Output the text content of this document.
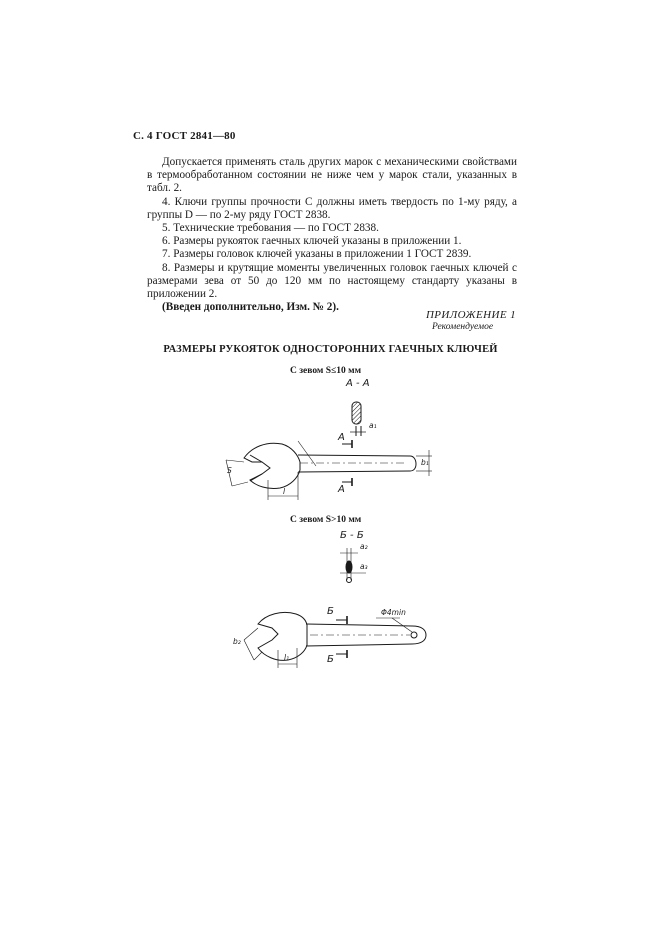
С. 4 ГОСТ 2841—80
Допускается применять сталь других марок с механическими свойствами в термообработанном состоянии не ниже чем у марок стали, указанных в табл. 2.
4. Ключи группы прочности С должны иметь твердость по 1-му ряду, а группы D — по 2-му ряду ГОСТ 2838.
5. Технические требования — по ГОСТ 2838.
6. Размеры рукояток гаечных ключей указаны в приложении 1.
7. Размеры головок ключей указаны в приложении 1 ГОСТ 2839.
8. Размеры и крутящие моменты увеличенных головок гаечных ключей с размерами зева от 50 до 120 мм по настоящему стандарту указаны в приложении 2.
(Введен дополнительно, Изм. № 2).
ПРИЛОЖЕНИЕ 1
Рекомендуемое
РАЗМЕРЫ РУКОЯТОК ОДНОСТОРОННИХ ГАЕЧНЫХ КЛЮЧЕЙ
С зевом S≤10 мм
А - А
a₁
b₁
S
l
А
А
С зевом S>10 мм
Б - Б
a₂
a₃
b₂
l₁
Φ4min
Б
Б
